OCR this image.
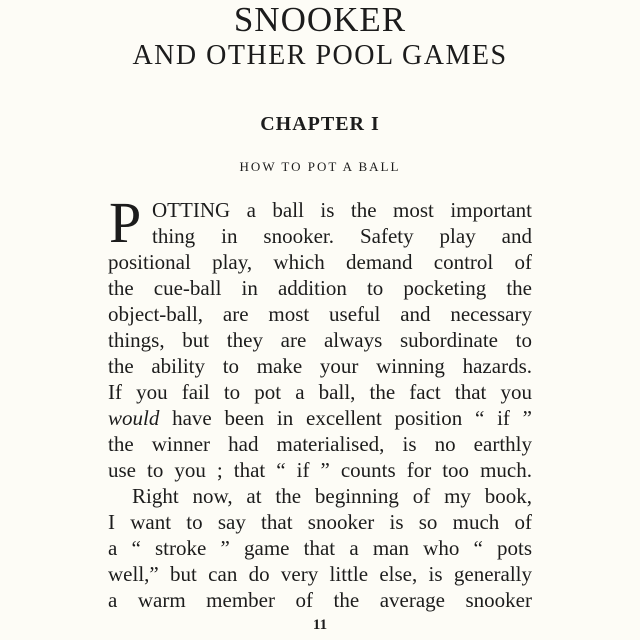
SNOOKER
AND OTHER POOL GAMES
CHAPTER I
HOW TO POT A BALL
P OTTING a ball is the most important
thing in snooker. Safety play and
positional play, which demand control of
the cue-ball in addition to pocketing the
object-ball, are most useful and necessary
things, but they are always subordinate to
the ability to make your winning hazards.
If you fail to pot a ball, the fact that you
would have been in excellent position “ if ”
the winner had materialised, is no earthly
use to you ; that “ if ” counts for too much.
Right now, at the beginning of my book,
I want to say that snooker is so much of
a “ stroke ” game that a man who “ pots
well,” but can do very little else, is generally
a warm member of the average snooker
11
